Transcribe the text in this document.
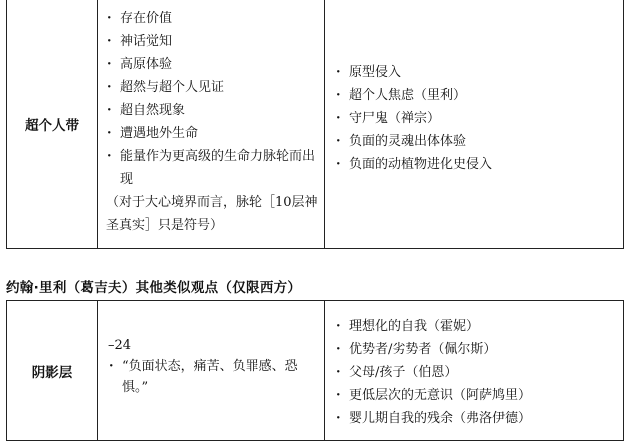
超个人带

· 存在价值
· 神话觉知
· 高原体验
· 超然与超个人见证
· 超自然现象
· 遭遇地外生命
· 能量作为更高级的生命力脉轮而出现
（对于大心境界而言，脉轮［10层神圣真实］只是符号）

· 原型侵入
· 超个人焦虑（里利）
· 守尸鬼（禅宗）
· 负面的灵魂出体体验
· 负面的动植物进化史侵入
约翰·里利（葛吉夫）其他类似观点（仅限西方）
阴影层

–24
· “负面状态，痛苦、负罪感、恐惧。”

· 理想化的自我（霍妮）
· 优势者/劣势者（佩尔斯）
· 父母/孩子（伯恩）
· 更低层次的无意识（阿萨鸠里）
· 婴儿期自我的残余（弗洛伊德）
